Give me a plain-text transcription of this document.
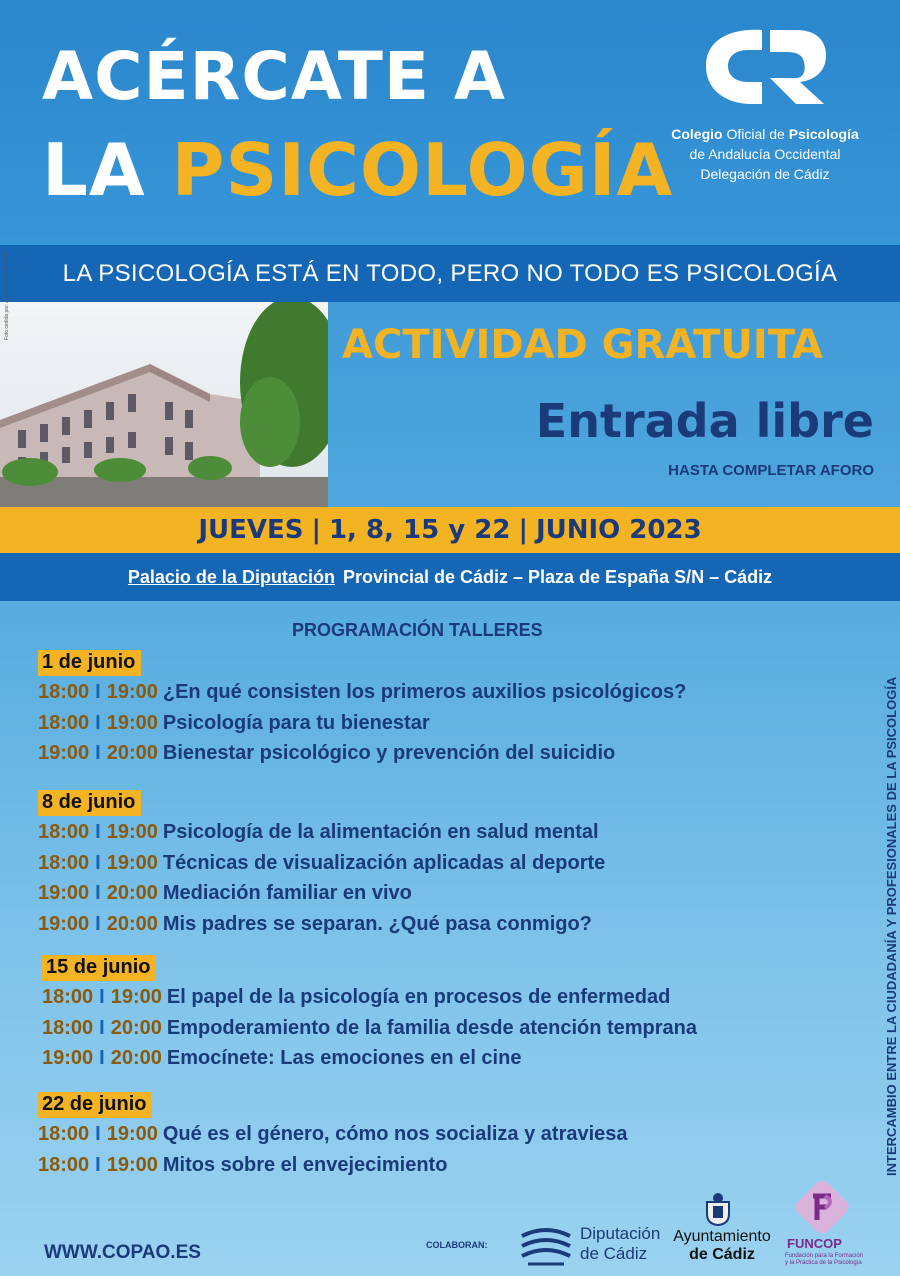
ACÉRCATE A
LA PSICOLOGÍA
Colegio Oficial de Psicología
de Andalucía Occidental
Delegación de Cádiz
LA PSICOLOGÍA ESTÁ EN TODO, PERO NO TODO ES PSICOLOGÍA
Foto cedida por: Ayuntamiento de Cádiz
ACTIVIDAD GRATUITA
Entrada libre
HASTA COMPLETAR AFORO
JUEVES | 1, 8, 15 y 22 | JUNIO 2023
Palacio de la Diputación Provincial de Cádiz – Plaza de España S/N – Cádiz
PROGRAMACIÓN TALLERES
1 de junio
18:00 I 19:00 ¿En qué consisten los primeros auxilios psicológicos?
18:00 I 19:00 Psicología para tu bienestar
19:00 I 20:00 Bienestar psicológico y prevención del suicidio
8 de junio
18:00 I 19:00 Psicología de la alimentación en salud mental
18:00 I 19:00 Técnicas de visualización aplicadas al deporte
19:00 I 20:00 Mediación familiar en vivo
19:00 I 20:00 Mis padres se separan. ¿Qué pasa conmigo?
15 de junio
18:00 I 19:00 El papel de la psicología en procesos de enfermedad
18:00 I 20:00 Empoderamiento de la familia desde atención temprana
19:00 I 20:00 Emocínete: Las emociones en el cine
22 de junio
18:00 I 19:00 Qué es el género, cómo nos socializa y atraviesa
18:00 I 19:00 Mitos sobre el envejecimiento	INTERCAMBIO ENTRE LA CIUDADANÍA Y PROFESIONALES DE LA PSICOLOGÍA
WWW.COPAO.ES	COLABORAN:
Diputación
de Cádiz
Ayuntamiento
de Cádiz
FUNCOP
Fundación para la Formación y la Práctica de la Psicología
